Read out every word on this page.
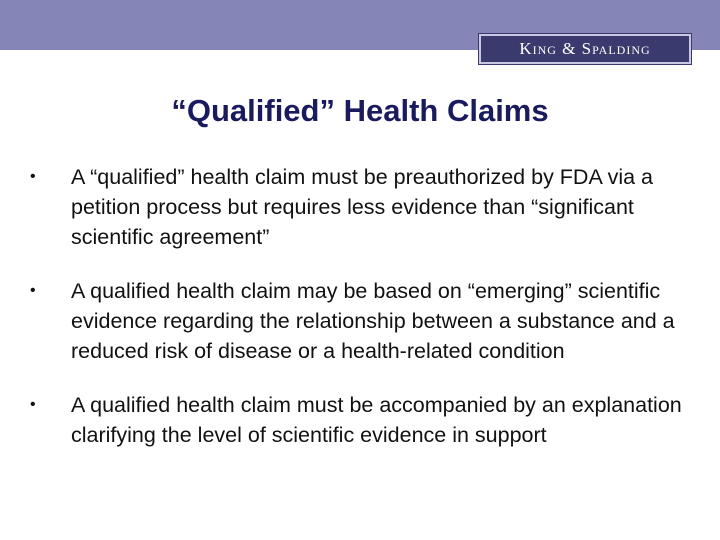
King & Spalding
“Qualified” Health Claims
• A “qualified” health claim must be preauthorized by FDA via a petition process but requires less evidence than “significant scientific agreement”
• A qualified health claim may be based on “emerging” scientific evidence regarding the relationship between a substance and a reduced risk of disease or a health-related condition
• A qualified health claim must be accompanied by an explanation clarifying the level of scientific evidence in support
